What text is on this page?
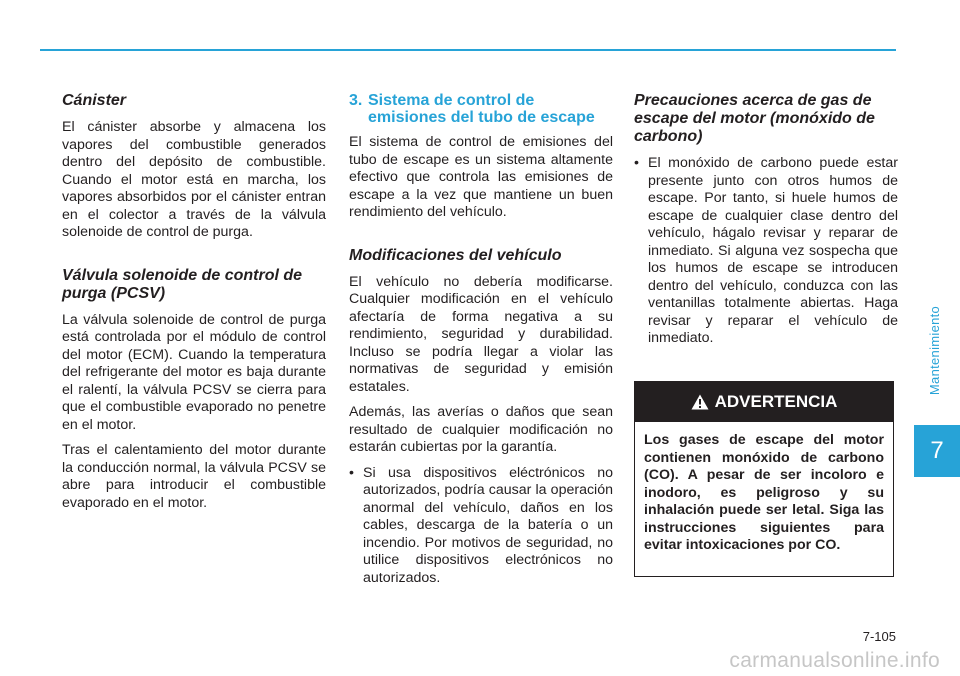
Mantenimiento
7
Cánister

El cánister absorbe y almacena los vapores del combustible generados dentro del depósito de combustible. Cuando el motor está en marcha, los vapores absorbidos por el cánister entran en el colector a través de la válvula solenoide de control de purga.

Válvula solenoide de control de purga (PCSV)

La válvula solenoide de control de purga está controlada por el módulo de control del motor (ECM). Cuando la temperatura del refrigerante del motor es baja durante el ralentí, la válvula PCSV se cierra para que el combustible evaporado no penetre en el motor.

Tras el calentamiento del motor durante la conducción normal, la válvula PCSV se abre para introducir el combustible evaporado en el motor.

3. Sistema de control de emisiones del tubo de escape

El sistema de control de emisiones del tubo de escape es un sistema altamente efectivo que controla las emisiones de escape a la vez que mantiene un buen rendimiento del vehículo.

Modificaciones del vehículo

El vehículo no debería modificarse. Cualquier modificación en el vehículo afectaría de forma negativa a su rendimiento, seguridad y durabilidad. Incluso se podría llegar a violar las normativas de seguridad y emisión estatales.

Además, las averías o daños que sean resultado de cualquier modificación no estarán cubiertas por la garantía.

• Si usa dispositivos eléctrónicos no autorizados, podría causar la operación anormal del vehículo, daños en los cables, descarga de la batería o un incendio. Por motivos de seguridad, no utilice dispositivos electrónicos no autorizados.
Precauciones acerca de gas de escape del motor (monóxido de carbono)
• El monóxido de carbono puede estar presente junto con otros humos de escape. Por tanto, si huele humos de escape de cualquier clase dentro del vehículo, hágalo revisar y reparar de inmediato. Si alguna vez sospecha que los humos de escape se introducen dentro del vehículo, conduzca con las ventanillas totalmente abiertas. Haga revisar y reparar el vehículo de inmediato.
ADVERTENCIA
Los gases de escape del motor contienen monóxido de carbono (CO). A pesar de ser incoloro e inodoro, es peligroso y su inhalación puede ser letal. Siga las instrucciones siguientes para evitar intoxicaciones por CO.
7-105
carmanualsonline.info
